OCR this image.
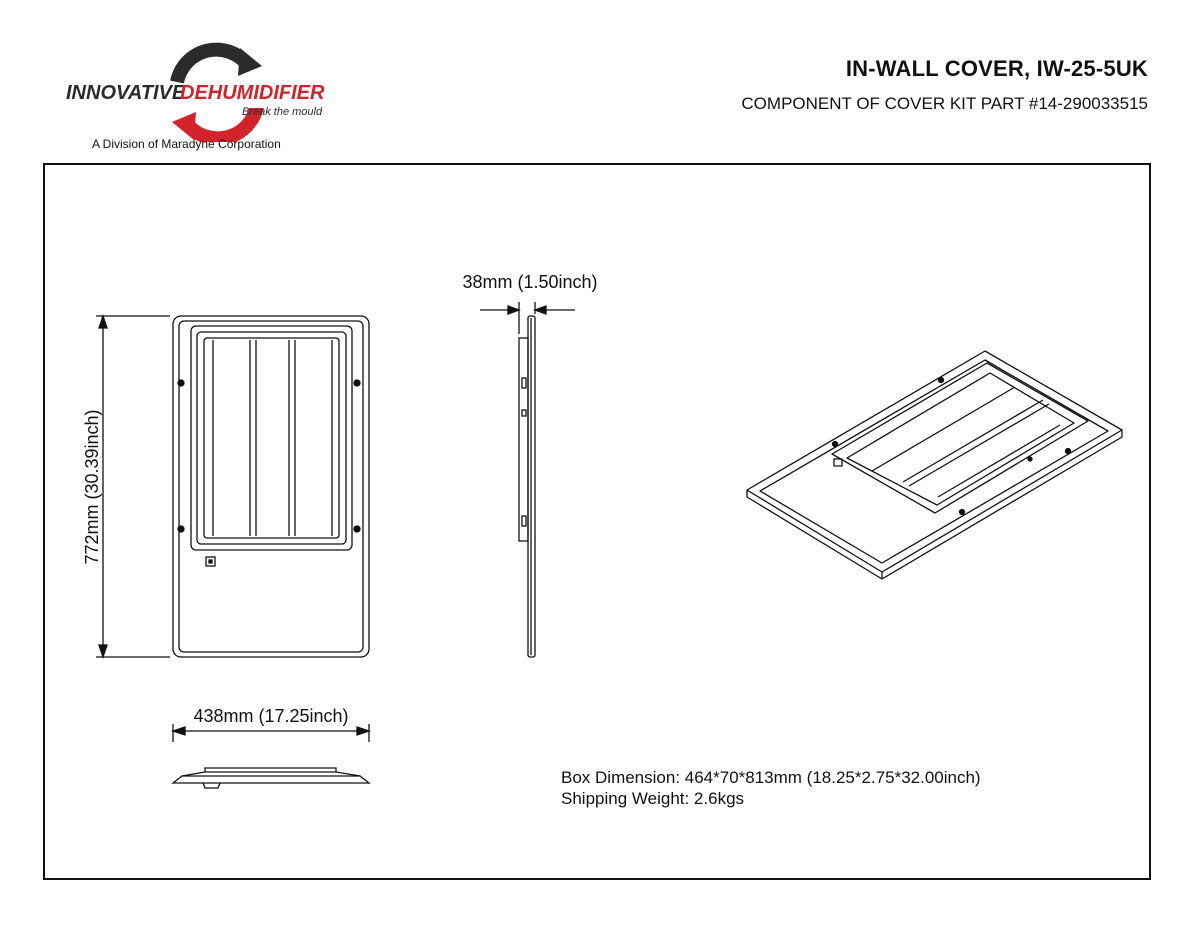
INNOVATIVE
DEHUMIDIFIER
Break the mould
A Division of Maradyne Corporation
IN-WALL COVER, IW-25-5UK
COMPONENT OF COVER KIT PART #14-290033515
772mm (30.39inch)
438mm (17.25inch)
38mm (1.50inch)
Box Dimension: 464*70*813mm (18.25*2.75*32.00inch)
Shipping Weight: 2.6kgs
